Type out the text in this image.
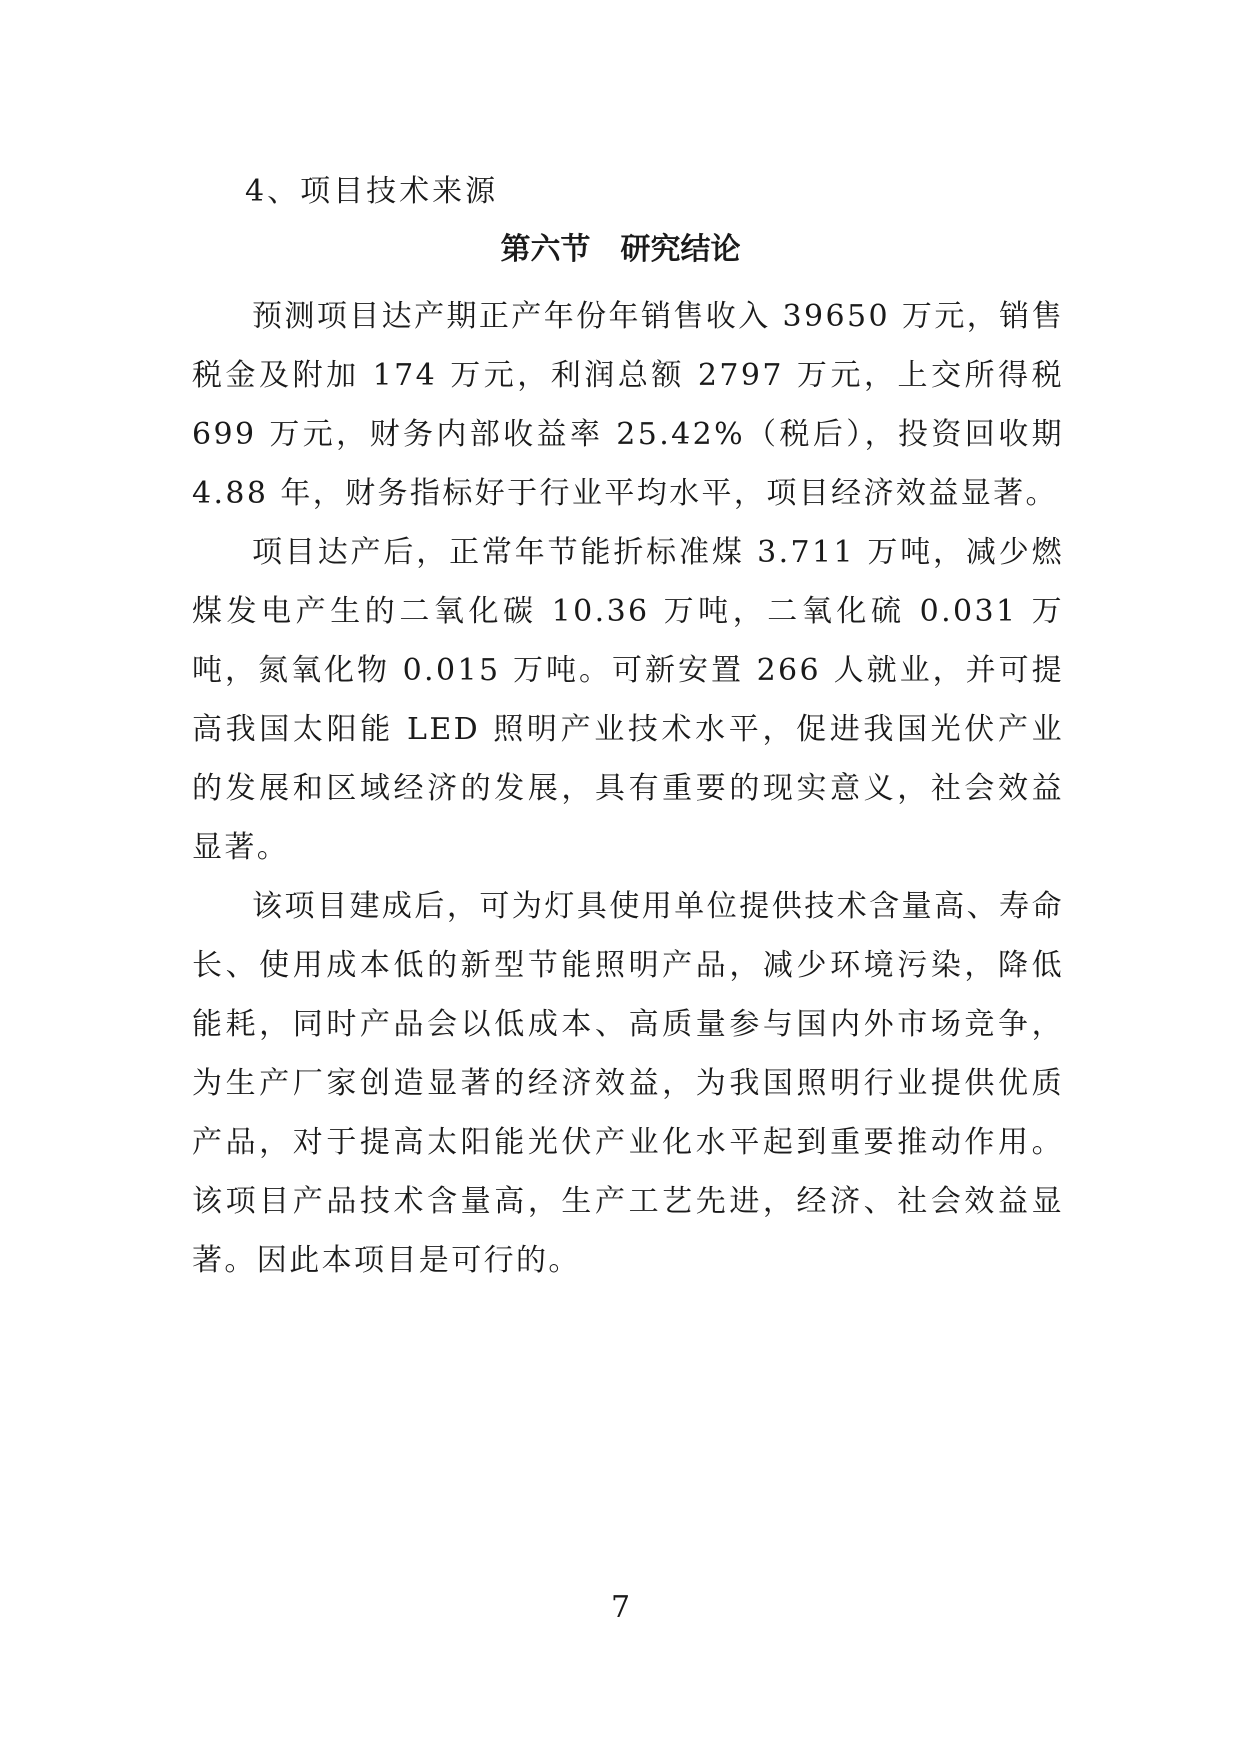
4、项目技术来源
第六节　研究结论

预测项目达产期正产年份年销售收入 39650 万元，销售税金及附加 174 万元，利润总额 2797 万元，上交所得税 699 万元，财务内部收益率 25.42%（税后），投资回收期 4.88 年，财务指标好于行业平均水平，项目经济效益显著。

项目达产后，正常年节能折标准煤 3.711 万吨，减少燃煤发电产生的二氧化碳 10.36 万吨，二氧化硫 0.031 万吨，氮氧化物 0.015 万吨。可新安置 266 人就业，并可提高我国太阳能 LED 照明产业技术水平，促进我国光伏产业的发展和区域经济的发展，具有重要的现实意义，社会效益显著。

该项目建成后，可为灯具使用单位提供技术含量高、寿命长、使用成本低的新型节能照明产品，减少环境污染，降低能耗，同时产品会以低成本、高质量参与国内外市场竞争，为生产厂家创造显著的经济效益，为我国照明行业提供优质产品，对于提高太阳能光伏产业化水平起到重要推动作用。该项目产品技术含量高，生产工艺先进，经济、社会效益显著。因此本项目是可行的。

7
